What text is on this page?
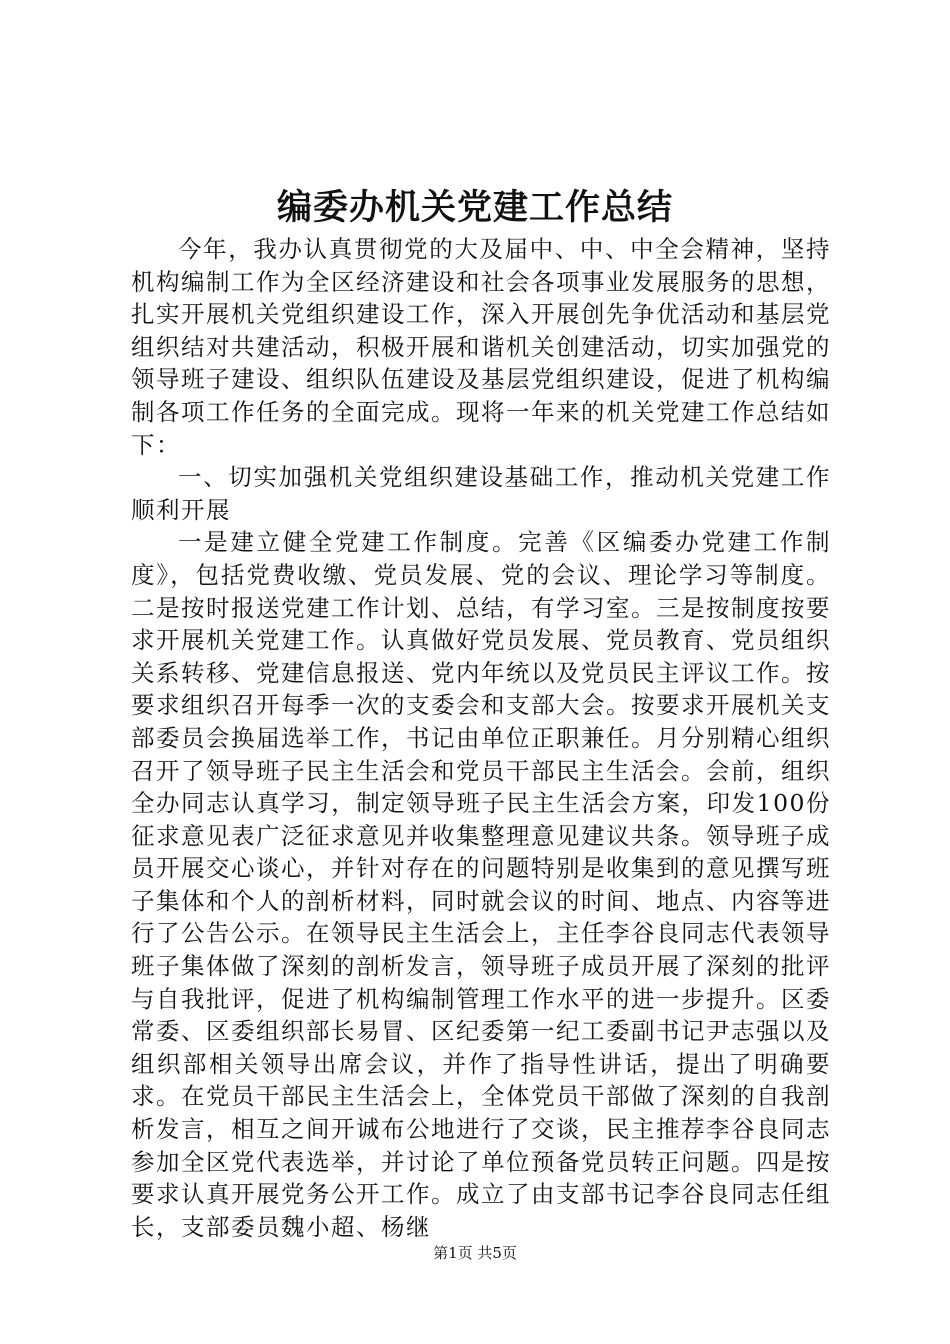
编委办机关党建工作总结

今年，我办认真贯彻党的大及届中、中、中全会精神，坚持机构编制工作为全区经济建设和社会各项事业发展服务的思想，扎实开展机关党组织建设工作，深入开展创先争优活动和基层党组织结对共建活动，积极开展和谐机关创建活动，切实加强党的领导班子建设、组织队伍建设及基层党组织建设，促进了机构编制各项工作任务的全面完成。现将一年来的机关党建工作总结如下：

一、切实加强机关党组织建设基础工作，推动机关党建工作顺利开展

一是建立健全党建工作制度。完善《区编委办党建工作制度》，包括党费收缴、党员发展、党的会议、理论学习等制度。二是按时报送党建工作计划、总结，有学习室。三是按制度按要求开展机关党建工作。认真做好党员发展、党员教育、党员组织关系转移、党建信息报送、党内年统以及党员民主评议工作。按要求组织召开每季一次的支委会和支部大会。按要求开展机关支部委员会换届选举工作，书记由单位正职兼任。月分别精心组织召开了领导班子民主生活会和党员干部民主生活会。会前，组织全办同志认真学习，制定领导班子民主生活会方案，印发100份征求意见表广泛征求意见并收集整理意见建议共条。领导班子成员开展交心谈心，并针对存在的问题特别是收集到的意见撰写班子集体和个人的剖析材料，同时就会议的时间、地点、内容等进行了公告公示。在领导民主生活会上，主任李谷良同志代表领导班子集体做了深刻的剖析发言，领导班子成员开展了深刻的批评与自我批评，促进了机构编制管理工作水平的进一步提升。区委常委、区委组织部长易冒、区纪委第一纪工委副书记尹志强以及组织部相关领导出席会议，并作了指导性讲话，提出了明确要求。在党员干部民主生活会上，全体党员干部做了深刻的自我剖析发言，相互之间开诚布公地进行了交谈，民主推荐李谷良同志参加全区党代表选举，并讨论了单位预备党员转正问题。四是按要求认真开展党务公开工作。成立了由支部书记李谷良同志任组长，支部委员魏小超、杨继

第1页 共5页
